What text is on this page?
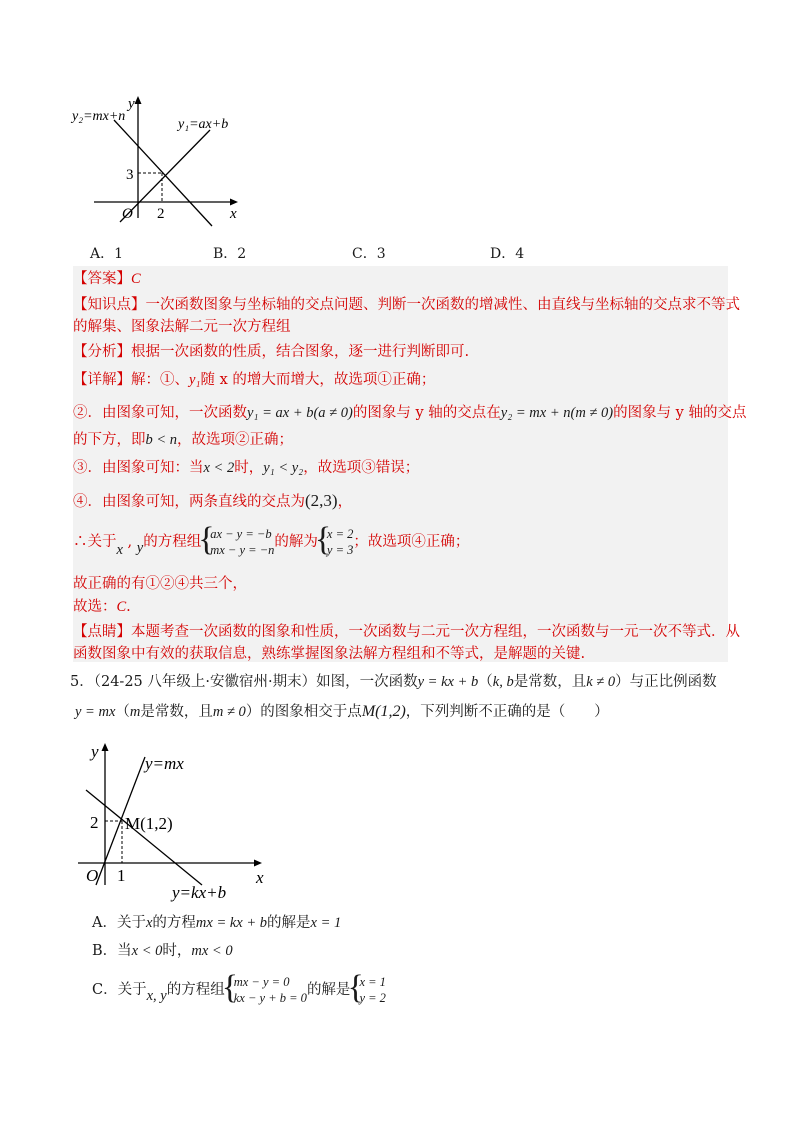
y₂=mx+n
y₁=ax+b
y
x
O
3
2
A．1	B．2	C．3	D．4
【答案】C
【知识点】一次函数图象与坐标轴的交点问题、判断一次函数的增减性、由直线与坐标轴的交点求不等式
的解集、图象法解二元一次方程组
【分析】根据一次函数的性质，结合图象，逐一进行判断即可.
【详解】解：①、y₁随 x 的增大而增大，故选项①正确；
②．由图象可知，一次函数y₁ = ax + b(a ≠ 0)的图象与 y 轴的交点在y₂ = mx + n(m ≠ 0)的图象与 y 轴的交点
的下方，即b < n，故选项②正确；
③．由图象可知：当x < 2时，y₁ < y₂，故选项③错误；
④．由图象可知，两条直线的交点为(2,3)，
∴关于x , y的方程组 { ax − y = −b
mx − y = −n 的解为 { x = 2
y = 3 ；故选项④正确；
故正确的有①②④共三个，
故选：C.
【点睛】本题考查一次函数的图象和性质，一次函数与二元一次方程组，一次函数与一元一次不等式．从
函数图象中有效的获取信息，熟练掌握图象法解方程组和不等式，是解题的关键.
5．（24-25 八年级上·安徽宿州·期末）如图，一次函数y = kx + b（k, b是常数，且k ≠ 0）与正比例函数
y = mx（m是常数，且m ≠ 0）的图象相交于点M(1,2)，下列判断不正确的是（　　）
y=mx
M(1,2)
y=kx+b
y
x
O
2
1
A．关于x的方程mx = kx + b的解是x = 1
B．当x < 0时，mx < 0
C．关于x, y的方程组 { mx − y = 0
kx − y + b = 0 的解是 { x = 1
y = 2
